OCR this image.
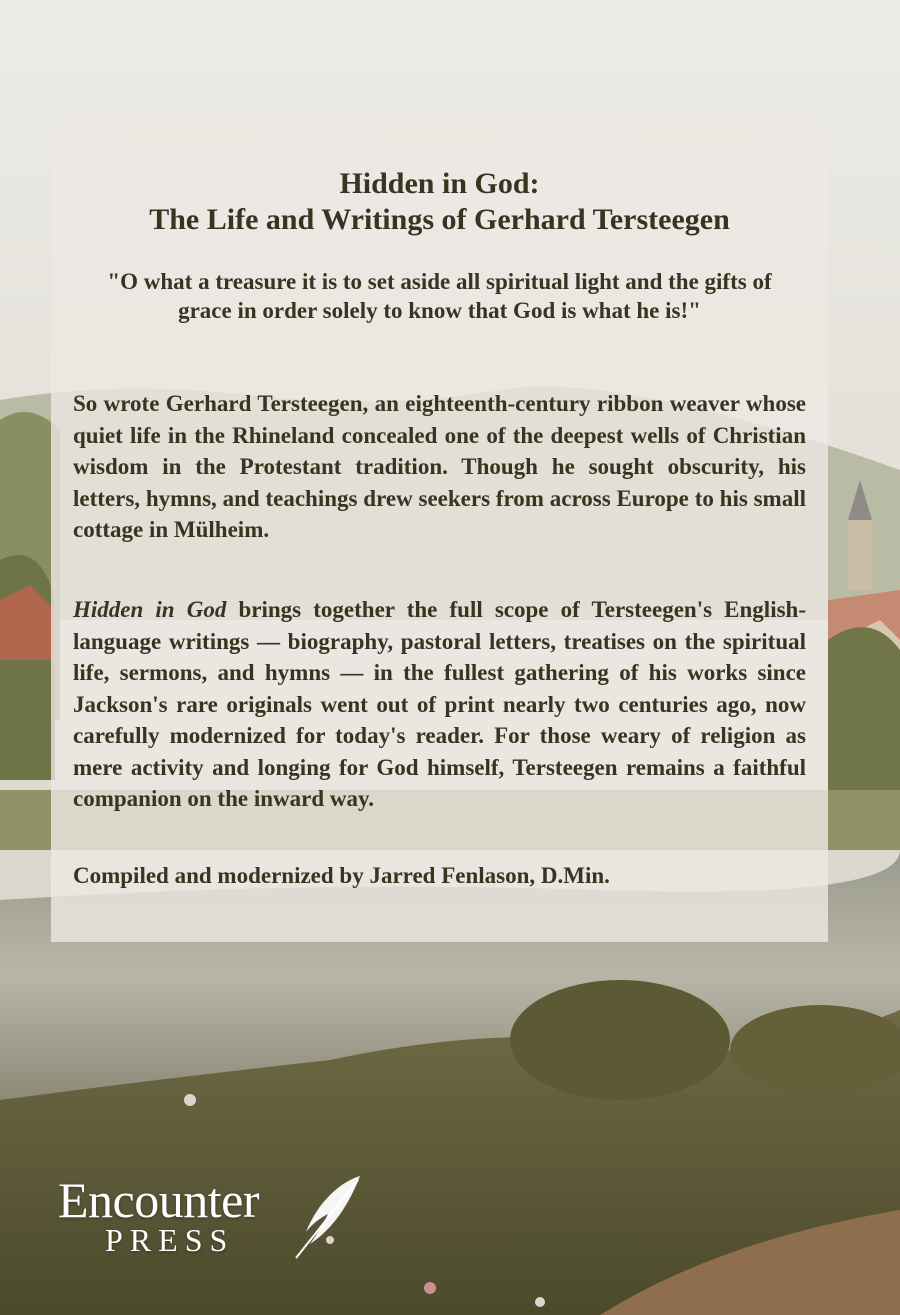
Hidden in God:
The Life and Writings of Gerhard Tersteegen

"O what a treasure it is to set aside all spiritual light and the gifts of grace in order solely to know that God is what he is!"

So wrote Gerhard Tersteegen, an eighteenth-century ribbon weaver whose quiet life in the Rhineland concealed one of the deepest wells of Christian wisdom in the Protestant tradition. Though he sought obscurity, his letters, hymns, and teachings drew seekers from across Europe to his small cottage in Mülheim.

Hidden in God brings together the full scope of Tersteegen's English-language writings — biography, pastoral letters, treatises on the spiritual life, sermons, and hymns — in the fullest gathering of his works since Jackson's rare originals went out of print nearly two centuries ago, now carefully modernized for today's reader. For those weary of religion as mere activity and longing for God himself, Tersteegen remains a faithful companion on the inward way.

Compiled and modernized by Jarred Fenlason, D.Min.

Encounter
PRESS
